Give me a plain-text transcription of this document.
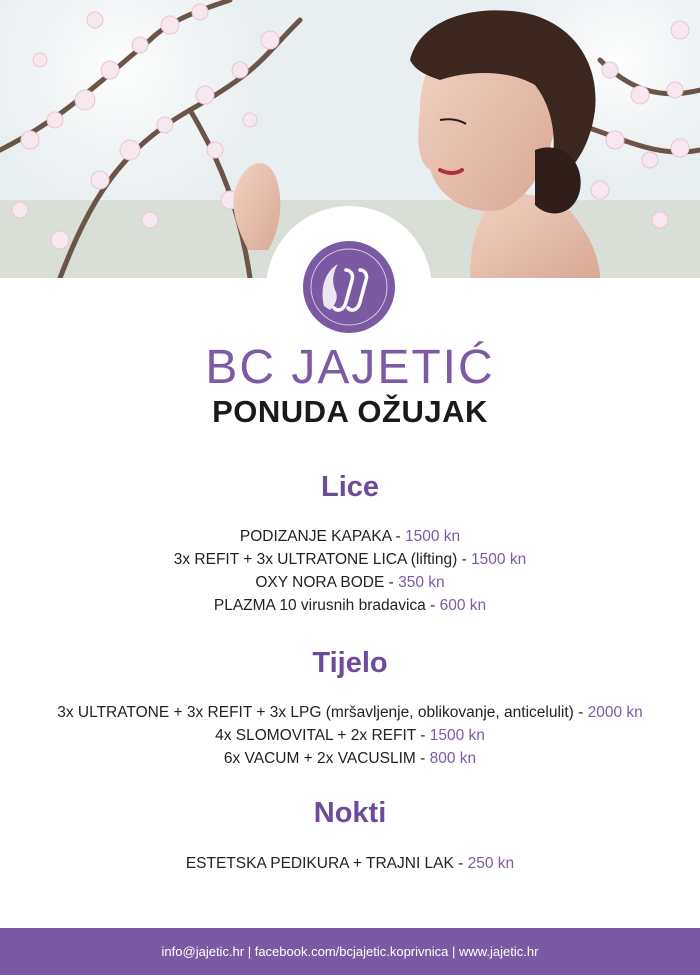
BC JAJETIĆ
PONUDA OŽUJAK
Lice
PODIZANJE KAPAKA - 1500 kn
3x REFIT + 3x ULTRATONE LICA (lifting) - 1500 kn
OXY NORA BODE - 350 kn
PLAZMA 10 virusnih bradavica - 600 kn
Tijelo
3x ULTRATONE + 3x REFIT + 3x LPG (mršavljenje, oblikovanje, anticelulit) - 2000 kn
4x SLOMOVITAL + 2x REFIT - 1500 kn
6x VACUM + 2x VACUSLIM - 800 kn
Nokti
ESTETSKA PEDIKURA + TRAJNI LAK - 250 kn
info@jajetic.hr | facebook.com/bcjajetic.koprivnica | www.jajetic.hr
